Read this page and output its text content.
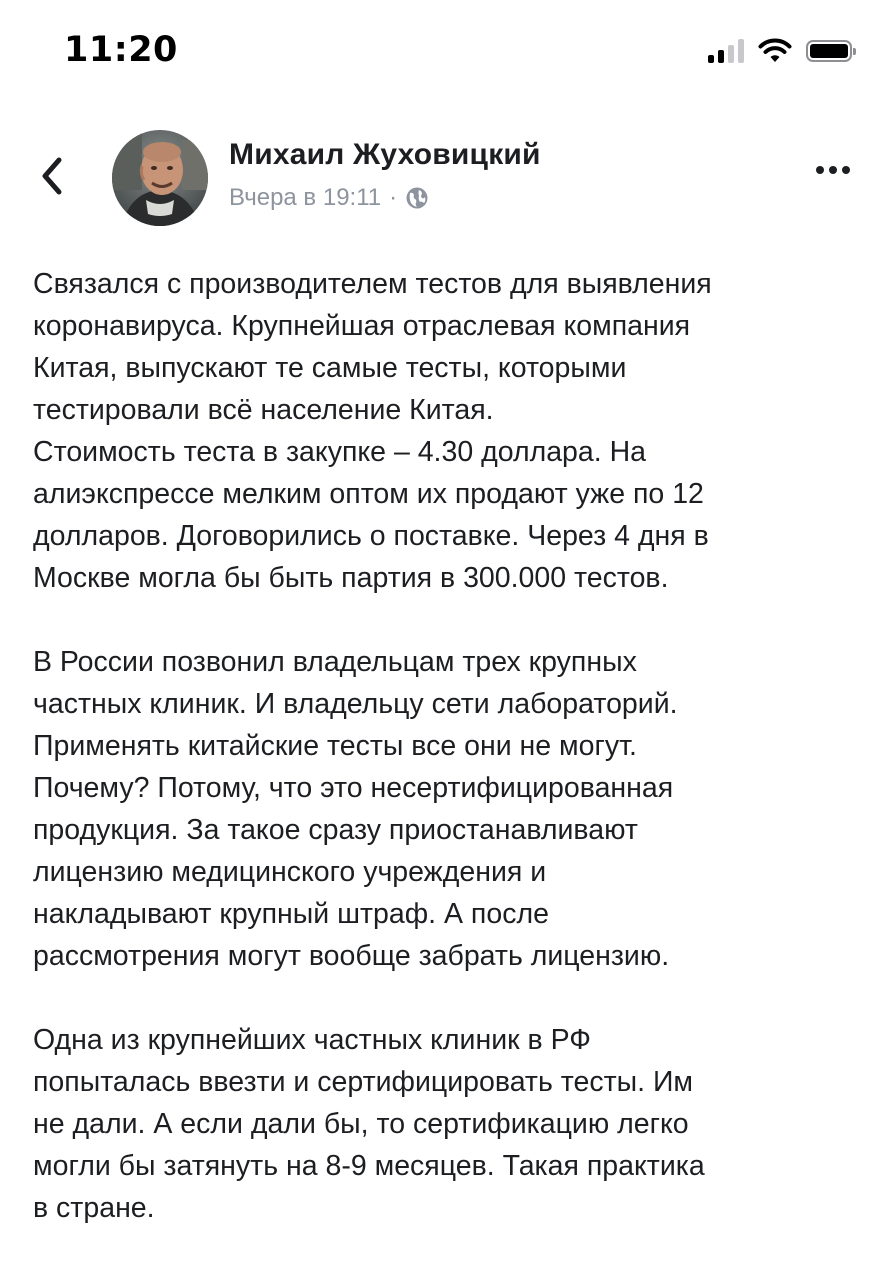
11:20
Михаил Жуховицкий
Вчера в 19:11 ·

Связался с производителем тестов для выявления
коронавируса. Крупнейшая отраслевая компания
Китая, выпускают те самые тесты, которыми
тестировали всё население Китая.
Стоимость теста в закупке – 4.30 доллара. На
алиэкспрессе мелким оптом их продают уже по 12
долларов. Договорились о поставке. Через 4 дня в
Москве могла бы быть партия в 300.000 тестов.

В России позвонил владельцам трех крупных
частных клиник. И владельцу сети лабораторий.
Применять китайские тесты все они не могут.
Почему? Потому, что это несертифицированная
продукция. За такое сразу приостанавливают
лицензию медицинского учреждения и
накладывают крупный штраф. А после
рассмотрения могут вообще забрать лицензию.

Одна из крупнейших частных клиник в РФ
попыталась ввезти и сертифицировать тесты. Им
не дали. А если дали бы, то сертификацию легко
могли бы затянуть на 8-9 месяцев. Такая практика
в стране.
